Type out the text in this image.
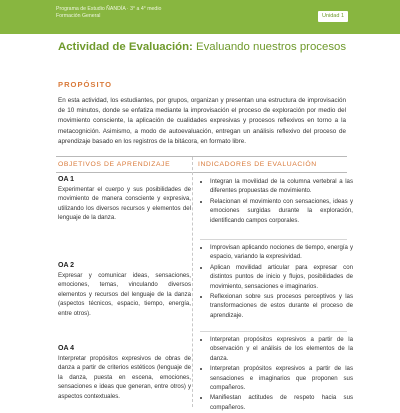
Programa de Estudio ÑANDÍA · 3° a 4° medio
Formación General	Unidad 1
Actividad de Evaluación: Evaluando nuestros procesos
PROPÓSITO
En esta actividad, los estudiantes, por grupos, organizan y presentan una estructura de improvisación de 10 minutos, donde se enfatiza mediante la improvisación el proceso de exploración por medio del movimiento consciente, la aplicación de cualidades expresivas y procesos reflexivos en torno a la metacognición. Asimismo, a modo de autoevaluación, entregan un análisis reflexivo del proceso de aprendizaje basado en los registros de la bitácora, en formato libre.
OBJETIVOS DE APRENDIZAJE
OA 1
Experimentar el cuerpo y sus posibilidades de movimiento de manera consciente y expresiva, utilizando los diversos recursos y elementos del lenguaje de la danza.
OA 2
Expresar y comunicar ideas, sensaciones, emociones, temas, vinculando diversos elementos y recursos del lenguaje de la danza (aspectos técnicos, espacio, tiempo, energía, entre otros).
OA 4
Interpretar propósitos expresivos de obras de danza a partir de criterios estéticos (lenguaje de la danza, puesta en escena, emociones, sensaciones e ideas que generan, entre otros) y aspectos contextuales.
INDICADORES DE EVALUACIÓN
• Integran la movilidad de la columna vertebral a las diferentes propuestas de movimiento.
• Relacionan el movimiento con sensaciones, ideas y emociones surgidas durante la exploración, identificando campos corporales.
• Improvisan aplicando nociones de tiempo, energía y espacio, variando la expresividad.
• Aplican movilidad articular para expresar con distintos puntos de inicio y flujos, posibilidades de movimiento, sensaciones e imaginarios.
• Reflexionan sobre sus procesos perceptivos y las transformaciones de estos durante el proceso de aprendizaje.
• Interpretan propósitos expresivos a partir de la observación y el análisis de los elementos de la danza.
• Interpretan propósitos expresivos a partir de las sensaciones e imaginarios que proponen sus compañeros.
• Manifiestan actitudes de respeto hacia sus compañeros.
